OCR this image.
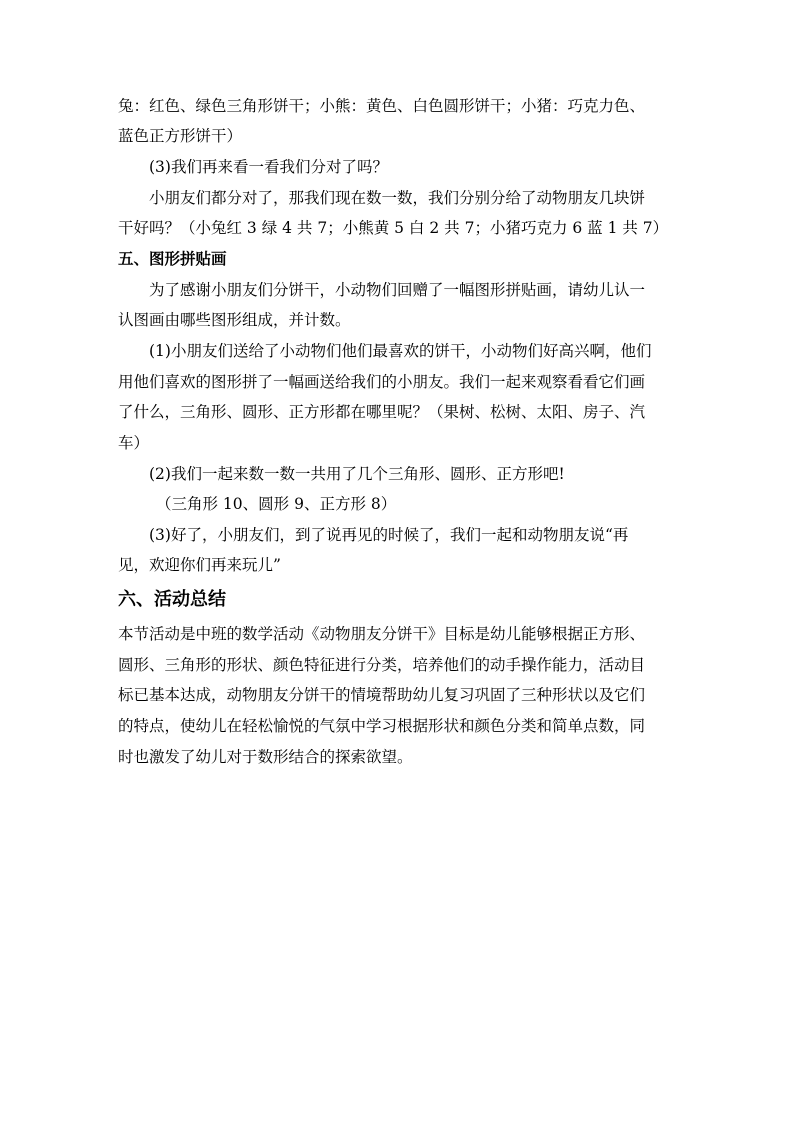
兔：红色、绿色三角形饼干；小熊：黄色、白色圆形饼干；小猪：巧克力色、
蓝色正方形饼干）
(3)我们再来看一看我们分对了吗？
小朋友们都分对了，那我们现在数一数，我们分别分给了动物朋友几块饼
干好吗？（小兔红 3 绿 4 共 7；小熊黄 5 白 2 共 7；小猪巧克力 6 蓝 1 共 7）
五、图形拼贴画
为了感谢小朋友们分饼干，小动物们回赠了一幅图形拼贴画，请幼儿认一
认图画由哪些图形组成，并计数。
(1)小朋友们送给了小动物们他们最喜欢的饼干，小动物们好高兴啊，他们
用他们喜欢的图形拼了一幅画送给我们的小朋友。我们一起来观察看看它们画
了什么，三角形、圆形、正方形都在哪里呢？（果树、松树、太阳、房子、汽
车）
(2)我们一起来数一数一共用了几个三角形、圆形、正方形吧!
（三角形 10、圆形 9、正方形 8）
(3)好了，小朋友们，到了说再见的时候了，我们一起和动物朋友说“再
见，欢迎你们再来玩儿”
六、活动总结
本节活动是中班的数学活动《动物朋友分饼干》目标是幼儿能够根据正方形、
圆形、三角形的形状、颜色特征进行分类，培养他们的动手操作能力，活动目
标已基本达成，动物朋友分饼干的情境帮助幼儿复习巩固了三种形状以及它们
的特点，使幼儿在轻松愉悦的气氛中学习根据形状和颜色分类和简单点数，同
时也激发了幼儿对于数形结合的探索欲望。
